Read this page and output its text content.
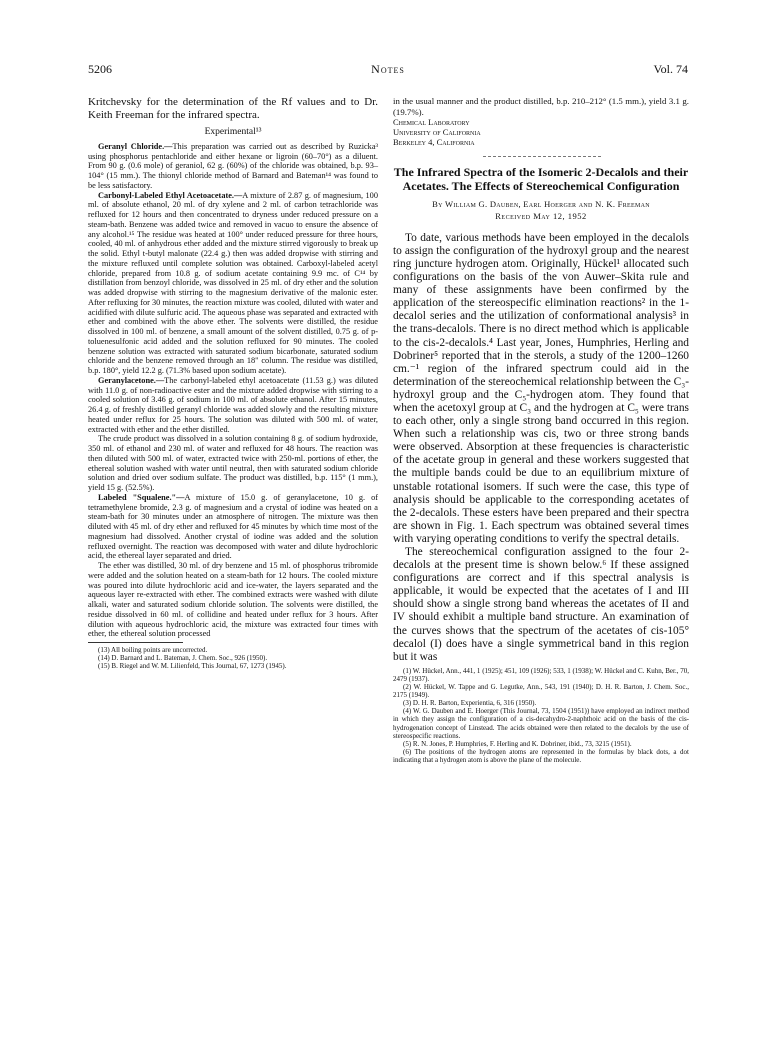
5206	Notes	Vol. 74

Kritchevsky for the determination of the Rf values and to Dr. Keith Freeman for the infrared spectra.

Experimental¹³

Geranyl Chloride.—This preparation was carried out as described by Ruzicka³ using phosphorus pentachloride and either hexane or ligroin (60–70°) as a diluent. From 90 g. (0.6 mole) of geraniol, 62 g. (60%) of the chloride was obtained, b.p. 93–104° (15 mm.). The thionyl chloride method of Barnard and Bateman¹⁴ was found to be less satisfactory.

Carbonyl-Labeled Ethyl Acetoacetate.—A mixture of 2.87 g. of magnesium, 100 ml. of absolute ethanol, 20 ml. of dry xylene and 2 ml. of carbon tetrachloride was refluxed for 12 hours and then concentrated to dryness under reduced pressure on a steam-bath. Benzene was added twice and removed in vacuo to ensure the absence of any alcohol.¹⁵ The residue was heated at 100° under reduced pressure for three hours, cooled, 40 ml. of anhydrous ether added and the mixture stirred vigorously to break up the solid. Ethyl t-butyl malonate (22.4 g.) then was added dropwise with stirring and the mixture refluxed until complete solution was obtained. Carboxyl-labeled acetyl chloride, prepared from 10.8 g. of sodium acetate containing 9.9 mc. of C¹⁴ by distillation from benzoyl chloride, was dissolved in 25 ml. of dry ether and the solution was added dropwise with stirring to the magnesium derivative of the malonic ester. After refluxing for 30 minutes, the reaction mixture was cooled, diluted with water and acidified with dilute sulfuric acid. The aqueous phase was separated and extracted with ether and combined with the above ether. The solvents were distilled, the residue dissolved in 100 ml. of benzene, a small amount of the solvent distilled, 0.75 g. of p-toluenesulfonic acid added and the solution refluxed for 90 minutes. The cooled benzene solution was extracted with saturated sodium bicarbonate, saturated sodium chloride and the benzene removed through an 18" column. The residue was distilled, b.p. 180°, yield 12.2 g. (71.3% based upon sodium acetate).

Geranylacetone.—The carbonyl-labeled ethyl acetoacetate (11.53 g.) was diluted with 11.0 g. of non-radioactive ester and the mixture added dropwise with stirring to a cooled solution of 3.46 g. of sodium in 100 ml. of absolute ethanol. After 15 minutes, 26.4 g. of freshly distilled geranyl chloride was added slowly and the resulting mixture heated under reflux for 25 hours. The solution was diluted with 500 ml. of water, extracted with ether and the ether distilled.

The crude product was dissolved in a solution containing 8 g. of sodium hydroxide, 350 ml. of ethanol and 230 ml. of water and refluxed for 48 hours. The reaction was then diluted with 500 ml. of water, extracted twice with 250-ml. portions of ether, the ethereal solution washed with water until neutral, then with saturated sodium chloride solution and dried over sodium sulfate. The product was distilled, b.p. 115° (1 mm.), yield 15 g. (52.5%).

Labeled "Squalene."—A mixture of 15.0 g. of geranylacetone, 10 g. of tetramethylene bromide, 2.3 g. of magnesium and a crystal of iodine was heated on a steam-bath for 30 minutes under an atmosphere of nitrogen. The mixture was then diluted with 45 ml. of dry ether and refluxed for 45 minutes by which time most of the magnesium had dissolved. Another crystal of iodine was added and the solution refluxed overnight. The reaction was decomposed with water and dilute hydrochloric acid, the ethereal layer separated and dried.

The ether was distilled, 30 ml. of dry benzene and 15 ml. of phosphorus tribromide were added and the solution heated on a steam-bath for 12 hours. The cooled mixture was poured into dilute hydrochloric acid and ice-water, the layers separated and the aqueous layer re-extracted with ether. The combined extracts were washed with dilute alkali, water and saturated sodium chloride solution. The solvents were distilled, the residue dissolved in 60 ml. of collidine and heated under reflux for 3 hours. After dilution with aqueous hydrochloric acid, the mixture was extracted four times with ether, the ethereal solution processed

(13) All boiling points are uncorrected.

(14) D. Barnard and L. Bateman, J. Chem. Soc., 926 (1950).

(15) B. Riegel and W. M. Lilienfeld, This Journal, 67, 1273 (1945).

in the usual manner and the product distilled, b.p. 210–212° (1.5 mm.), yield 3.1 g. (19.7%).

Chemical Laboratory
University of California
Berkeley 4, California
The Infrared Spectra of the Isomeric 2-Decalols and their Acetates. The Effects of Stereochemical Configuration
By William G. Dauben, Earl Hoerger and N. K. Freeman
Received May 12, 1952

To date, various methods have been employed in the decalols to assign the configuration of the hydroxyl group and the nearest ring juncture hydrogen atom. Originally, Hückel¹ allocated such configurations on the basis of the von Auwer–Skita rule and many of these assignments have been confirmed by the application of the stereospecific elimination reactions² in the 1-decalol series and the utilization of conformational analysis³ in the trans-decalols. There is no direct method which is applicable to the cis-2-decalols.⁴ Last year, Jones, Humphries, Herling and Dobriner⁵ reported that in the sterols, a study of the 1200–1260 cm.⁻¹ region of the infrared spectrum could aid in the determination of the stereochemical relationship between the C₃-hydroxyl group and the C₅-hydrogen atom. They found that when the acetoxyl group at C₃ and the hydrogen at C₅ were trans to each other, only a single strong band occurred in this region. When such a relationship was cis, two or three strong bands were observed. Absorption at these frequencies is characteristic of the acetate group in general and these workers suggested that the multiple bands could be due to an equilibrium mixture of unstable rotational isomers. If such were the case, this type of analysis should be applicable to the corresponding acetates of the 2-decalols. These esters have been prepared and their spectra are shown in Fig. 1. Each spectrum was obtained several times with varying operating conditions to verify the spectral details.

The stereochemical configuration assigned to the four 2-decalols at the present time is shown below.⁶ If these assigned configurations are correct and if this spectral analysis is applicable, it would be expected that the acetates of I and III should show a single strong band whereas the acetates of II and IV should exhibit a multiple band structure. An examination of the curves shows that the spectrum of the acetates of cis-105° decalol (I) does have a single symmetrical band in this region but it was

(1) W. Hückel, Ann., 441, 1 (1925); 451, 109 (1926); 533, 1 (1938); W. Hückel and C. Kuhn, Ber., 70, 2479 (1937).

(2) W. Hückel, W. Tappe and G. Legutke, Ann., 543, 191 (1940); D. H. R. Barton, J. Chem. Soc., 2175 (1949).

(3) D. H. R. Barton, Experientia, 6, 316 (1950).

(4) W. G. Dauben and E. Hoerger (This Journal, 73, 1504 (1951)) have employed an indirect method in which they assign the configuration of a cis-decahydro-2-naphthoic acid on the basis of the cis-hydrogenation concept of Linstead. The acids obtained were then related to the decalols by the use of stereospecific reactions.

(5) R. N. Jones, P. Humphries, F. Herling and K. Dobriner, ibid., 73, 3215 (1951).

(6) The positions of the hydrogen atoms are represented in the formulas by black dots, a dot indicating that a hydrogen atom is above the plane of the molecule.
